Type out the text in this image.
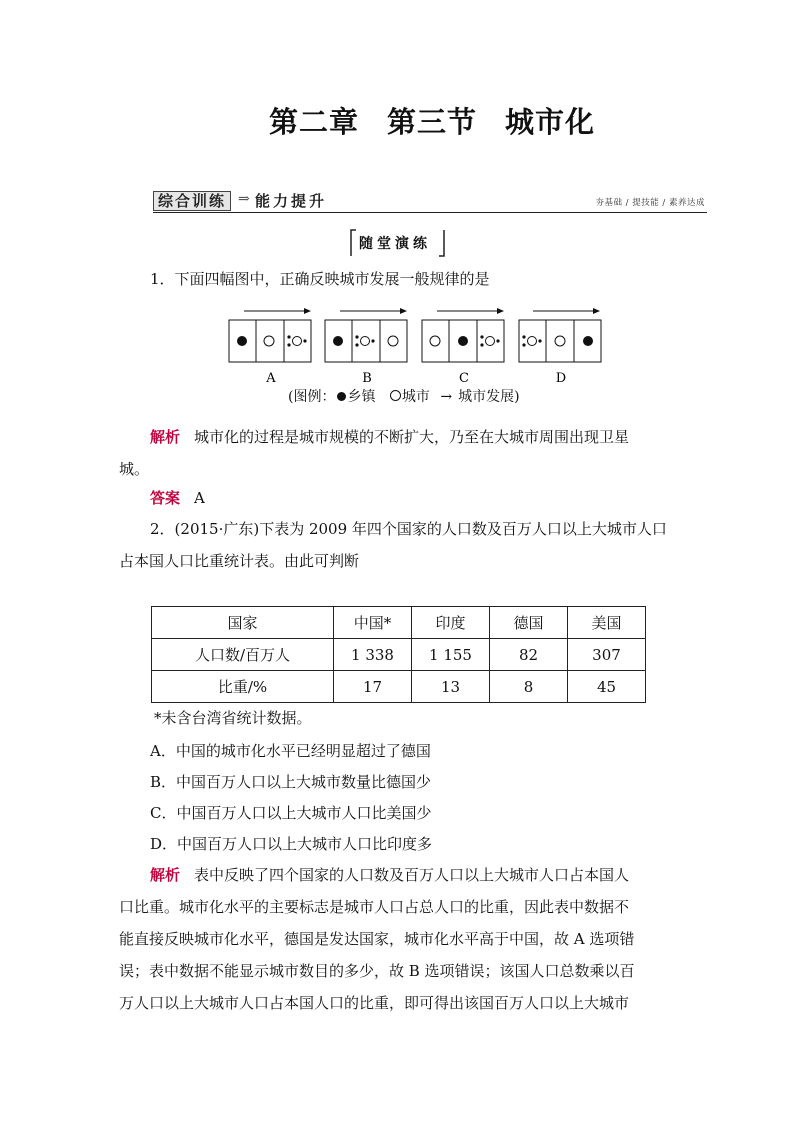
第二章 第三节 城市化
综合训练 ⇒ 能力提升	夯基础 / 提技能 / 素养达成
随堂演练
1．下面四幅图中，正确反映城市发展一般规律的是
A	B	C	D
(图例： 乡镇 城市 → 城市发展)
解析 城市化的过程是城市规模的不断扩大，乃至在大城市周围出现卫星
城。
答案 A
2．(2015·广东)下表为 2009 年四个国家的人口数及百万人口以上大城市人口
占本国人口比重统计表。由此可判断
国家	中国*	印度	德国	美国
人口数/百万人	1 338	1 155	82	307
比重/%	17	13	8	45
*未含台湾省统计数据。
A．中国的城市化水平已经明显超过了德国
B．中国百万人口以上大城市数量比德国少
C．中国百万人口以上大城市人口比美国少
D．中国百万人口以上大城市人口比印度多
解析 表中反映了四个国家的人口数及百万人口以上大城市人口占本国人
口比重。城市化水平的主要标志是城市人口占总人口的比重，因此表中数据不
能直接反映城市化水平，德国是发达国家，城市化水平高于中国，故 A 选项错
误；表中数据不能显示城市数目的多少，故 B 选项错误；该国人口总数乘以百
万人口以上大城市人口占本国人口的比重，即可得出该国百万人口以上大城市
